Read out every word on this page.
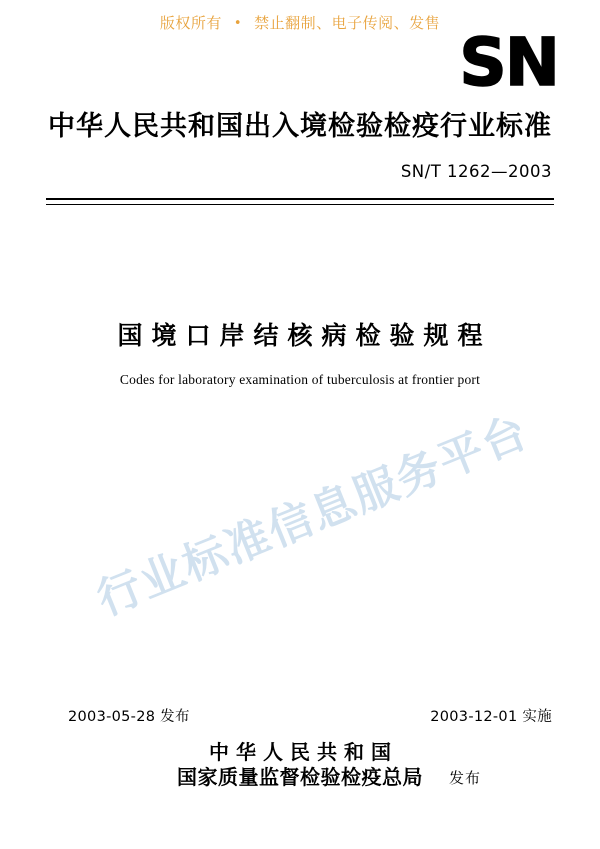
版权所有 • 禁止翻制、电子传阅、发售
SN
中华人民共和国出入境检验检疫行业标准
SN/T 1262—2003
国境口岸结核病检验规程
Codes for laboratory examination of tuberculosis at frontier port
行业标准信息服务平台
2003-05-28 发布	2003-12-01 实施
中华人民共和国
国家质量监督检验检疫总局 发布
